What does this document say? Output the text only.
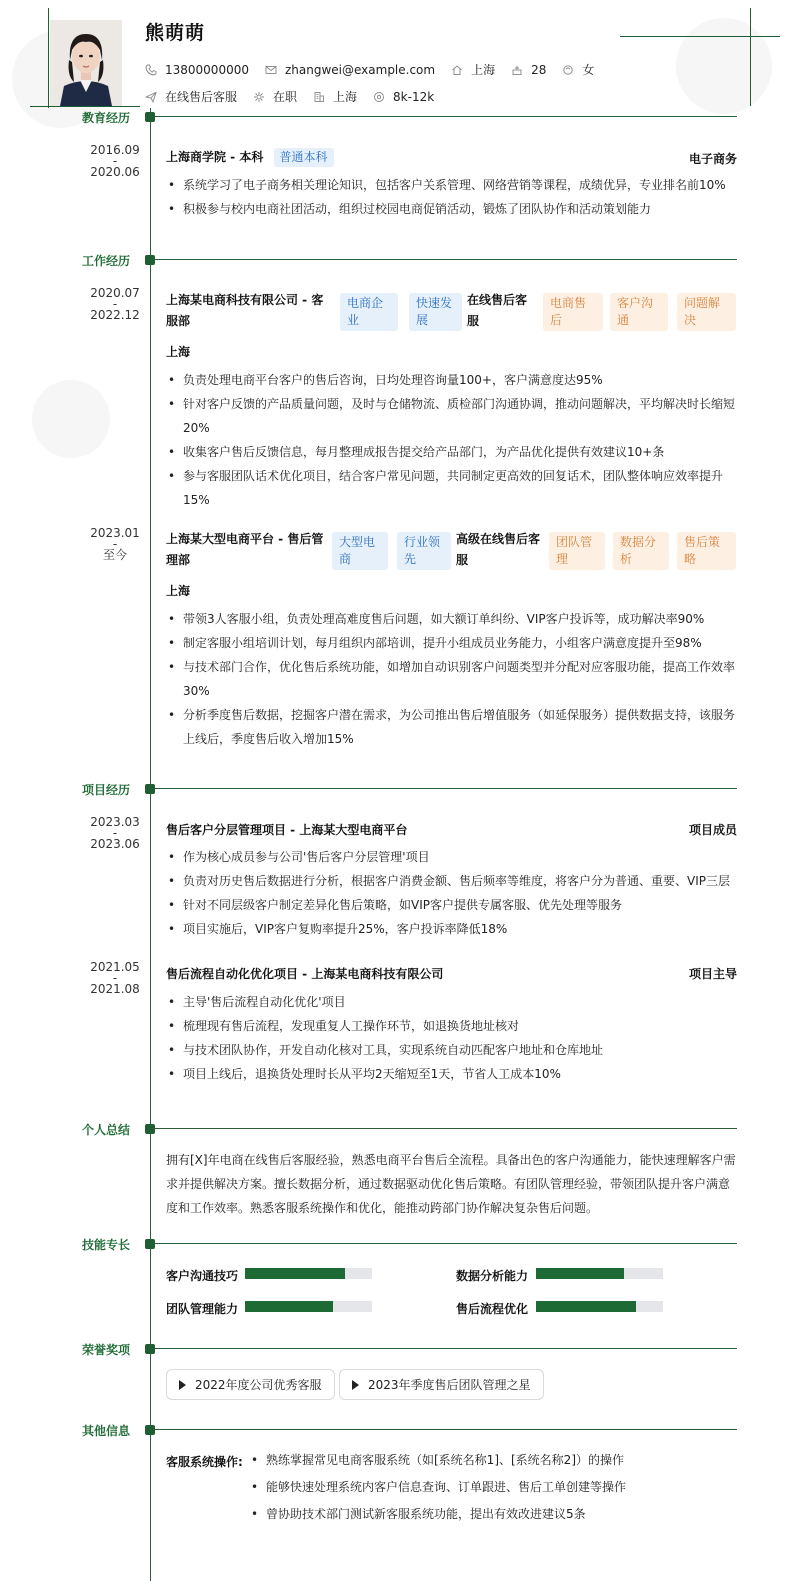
熊萌萌
13800000000	zhangwei@example.com	上海	28	女
在线售后客服	在职	上海	8k-12k
教育经历
2016.09
-
2020.06
上海商学院 - 本科 普通本科	电子商务
• 系统学习了电子商务相关理论知识，包括客户关系管理、网络营销等课程，成绩优异，专业排名前10%
• 积极参与校内电商社团活动，组织过校园电商促销活动，锻炼了团队协作和活动策划能力
工作经历
2020.07
-
2022.12
上海某电商科技有限公司 - 客
服部
电商企
业
快速发
展
在线售后客
服
电商售
后
客户沟
通
问题解
决
上海
• 负责处理电商平台客户的售后咨询，日均处理咨询量100+，客户满意度达95%
• 针对客户反馈的产品质量问题，及时与仓储物流、质检部门沟通协调，推动问题解决，平均解决时长缩短20%
• 收集客户售后反馈信息，每月整理成报告提交给产品部门，为产品优化提供有效建议10+条
• 参与客服团队话术优化项目，结合客户常见问题，共同制定更高效的回复话术，团队整体响应效率提升15%
2023.01
-
至今
上海某大型电商平台 - 售后管
理部
大型电
商
行业领
先
高级在线售后客
服
团队管
理
数据分
析
售后策
略
上海
• 带领3人客服小组，负责处理高难度售后问题，如大额订单纠纷、VIP客户投诉等，成功解决率90%
• 制定客服小组培训计划，每月组织内部培训，提升小组成员业务能力，小组客户满意度提升至98%
• 与技术部门合作，优化售后系统功能，如增加自动识别客户问题类型并分配对应客服功能，提高工作效率30%
• 分析季度售后数据，挖掘客户潜在需求，为公司推出售后增值服务（如延保服务）提供数据支持，该服务上线后，季度售后收入增加15%
项目经历
2023.03
-
2023.06
售后客户分层管理项目 - 上海某大型电商平台	项目成员
• 作为核心成员参与公司'售后客户分层管理'项目
• 负责对历史售后数据进行分析，根据客户消费金额、售后频率等维度，将客户分为普通、重要、VIP三层
• 针对不同层级客户制定差异化售后策略，如VIP客户提供专属客服、优先处理等服务
• 项目实施后，VIP客户复购率提升25%，客户投诉率降低18%
2021.05
-
2021.08
售后流程自动化优化项目 - 上海某电商科技有限公司	项目主导
• 主导'售后流程自动化优化'项目
• 梳理现有售后流程，发现重复人工操作环节，如退换货地址核对
• 与技术团队协作，开发自动化核对工具，实现系统自动匹配客户地址和仓库地址
• 项目上线后，退换货处理时长从平均2天缩短至1天，节省人工成本10%
个人总结
拥有[X]年电商在线售后客服经验，熟悉电商平台售后全流程。具备出色的客户沟通能力，能快速理解客户需求并提供解决方案。擅长数据分析，通过数据驱动优化售后策略。有团队管理经验，带领团队提升客户满意度和工作效率。熟悉客服系统操作和优化，能推动跨部门协作解决复杂售后问题。
技能专长
客户沟通技巧	数据分析能力
团队管理能力	售后流程优化
荣誉奖项
2022年度公司优秀客服	2023年季度售后团队管理之星
其他信息
客服系统操作:
•	熟练掌握常见电商客服系统（如[系统名称1]、[系统名称2]）的操作
• 能够快速处理系统内客户信息查询、订单跟进、售后工单创建等操作
• 曾协助技术部门测试新客服系统功能，提出有效改进建议5条
